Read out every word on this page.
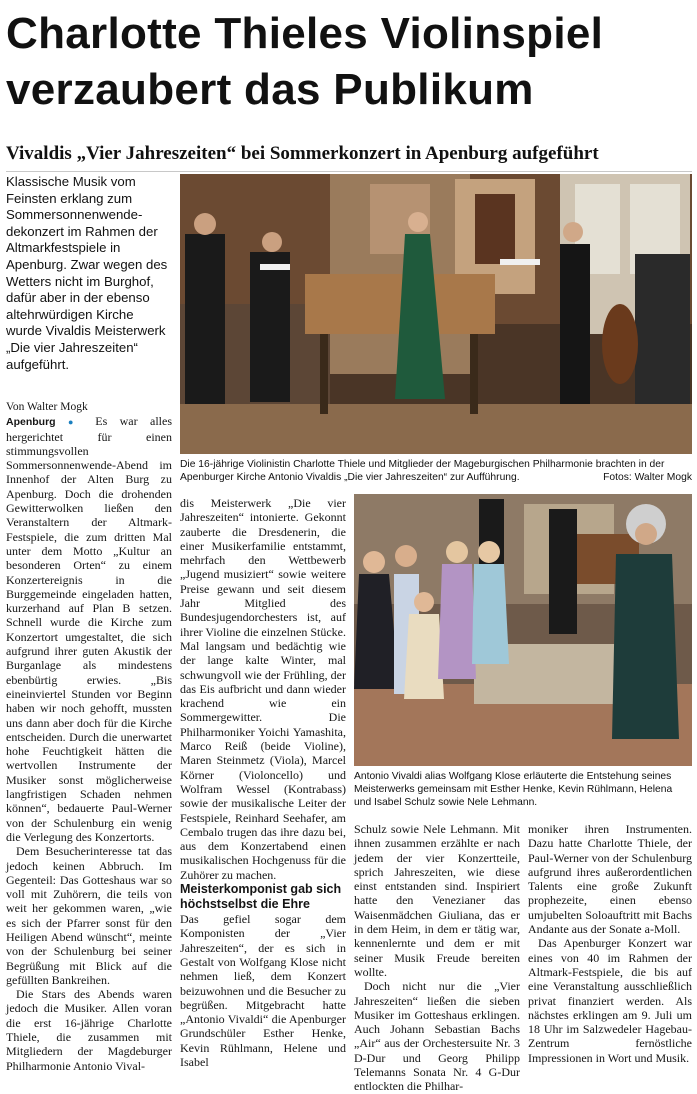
Charlotte Thieles Violinspiel verzaubert das Publikum
Vivaldis „Vier Jahreszeiten“ bei Sommerkonzert in Apenburg aufgeführt

Klassische Musik vom Feinsten erklang zum Sommersonnenwende-dekonzert im Rahmen der Altmarkfestspiele in Apenburg. Zwar wegen des Wetters nicht im Burghof, dafür aber in der ebenso altehrwürdigen Kirche wurde Vivaldis Meisterwerk „Die vier Jahreszeiten“ aufgeführt.

Die 16-jährige Violinistin Charlotte Thiele und Mitglieder der Mageburgischen Philharmonie brachten in der Apenburger Kirche Antonio Vivaldis „Die vier Jahreszeiten“ zur Aufführung.	Fotos: Walter Mogk

Von Walter Mogk

Apenburg ● Es war alles hergerichtet für einen stimmungsvollen Sommersonnenwende-Abend im Innenhof der Alten Burg zu Apenburg. Doch die drohenden Gewitterwolken ließen den Veranstaltern der Altmark-Festspiele, die zum dritten Mal unter dem Motto „Kultur an besonderen Orten“ zu einem Konzertereignis in die Burggemeinde eingeladen hatten, kurzerhand auf Plan B setzen. Schnell wurde die Kirche zum Konzertort umgestaltet, die sich aufgrund ihrer guten Akustik der Burganlage als mindestens ebenbürtig erwies. „Bis eineinviertel Stunden vor Beginn haben wir noch gehofft, mussten uns dann aber doch für die Kirche entscheiden. Durch die unerwartet hohe Feuchtigkeit hätten die wertvollen Instrumente der Musiker sonst möglicherweise langfristigen Schaden nehmen können“, bedauerte Paul-Werner von der Schulenburg ein wenig die Verlegung des Konzertorts.

Dem Besucherinteresse tat das jedoch keinen Abbruch. Im Gegenteil: Das Gotteshaus war so voll mit Zuhörern, die teils von weit her gekommen waren, „wie es sich der Pfarrer sonst für den Heiligen Abend wünscht“, meinte von der Schulenburg bei seiner Begrüßung mit Blick auf die gefüllten Bankreihen.

Die Stars des Abends waren jedoch die Musiker. Allen voran die erst 16-jährige Charlotte Thiele, die zusammen mit Mitgliedern der Magdeburger Philharmonie Antonio Vival-

dis Meisterwerk „Die vier Jahreszeiten“ intonierte. Gekonnt zauberte die Dresdenerin, die einer Musikerfamilie entstammt, mehrfach den Wettbewerb „Jugend musiziert“ sowie weitere Preise gewann und seit diesem Jahr Mitglied des Bundesjugendorchesters ist, auf ihrer Violine die einzelnen Stücke. Mal langsam und bedächtig wie der lange kalte Winter, mal schwungvoll wie der Frühling, der das Eis aufbricht und dann wieder krachend wie ein Sommergewitter. Die Philharmoniker Yoichi Yamashita, Marco Reiß (beide Violine), Maren Steinmetz (Viola), Marcel Körner (Violoncello) und Wolfram Wessel (Kontrabass) sowie der musikalische Leiter der Festspiele, Reinhard Seehafer, am Cembalo trugen das ihre dazu bei, aus dem Konzertabend einen musikalischen Hochgenuss für die Zuhörer zu machen.

Meisterkomponist gab sich höchstselbst die Ehre

Das gefiel sogar dem Komponisten der „Vier Jahreszeiten“, der es sich in Gestalt von Wolfgang Klose nicht nehmen ließ, dem Konzert beizuwohnen und die Besucher zu begrüßen. Mitgebracht hatte „Antonio Vivaldi“ die Apenburger Grundschüler Esther Henke, Kevin Rühlmann, Helene und Isabel

Antonio Vivaldi alias Wolfgang Klose erläuterte die Entstehung seines Meisterwerks gemeinsam mit Esther Henke, Kevin Rühlmann, Helena und Isabel Schulz sowie Nele Lehmann.

Schulz sowie Nele Lehmann. Mit ihnen zusammen erzählte er nach jedem der vier Konzertteile, sprich Jahreszeiten, wie diese einst entstanden sind. Inspiriert hatte den Venezianer das Waisenmädchen Giuliana, das er in dem Heim, in dem er tätig war, kennenlernte und dem er mit seiner Musik Freude bereiten wollte.

Doch nicht nur die „Vier Jahreszeiten“ ließen die sieben Musiker im Gotteshaus erklingen. Auch Johann Sebastian Bachs „Air“ aus der Orchestersuite Nr. 3 D-Dur und Georg Philipp Telemanns Sonata Nr. 4 G-Dur entlockten die Philhar-

moniker ihren Instrumenten. Dazu hatte Charlotte Thiele, der Paul-Werner von der Schulenburg aufgrund ihres außerordentlichen Talents eine große Zukunft prophezeite, einen ebenso umjubelten Soloauftritt mit Bachs Andante aus der Sonate a-Moll.

Das Apenburger Konzert war eines von 40 im Rahmen der Altmark-Festspiele, die bis auf eine Veranstaltung ausschließlich privat finanziert werden. Als nächstes erklingen am 9. Juli um 18 Uhr im Salzwedeler Hagebau-Zentrum fernöstliche Impressionen in Wort und Musik.
